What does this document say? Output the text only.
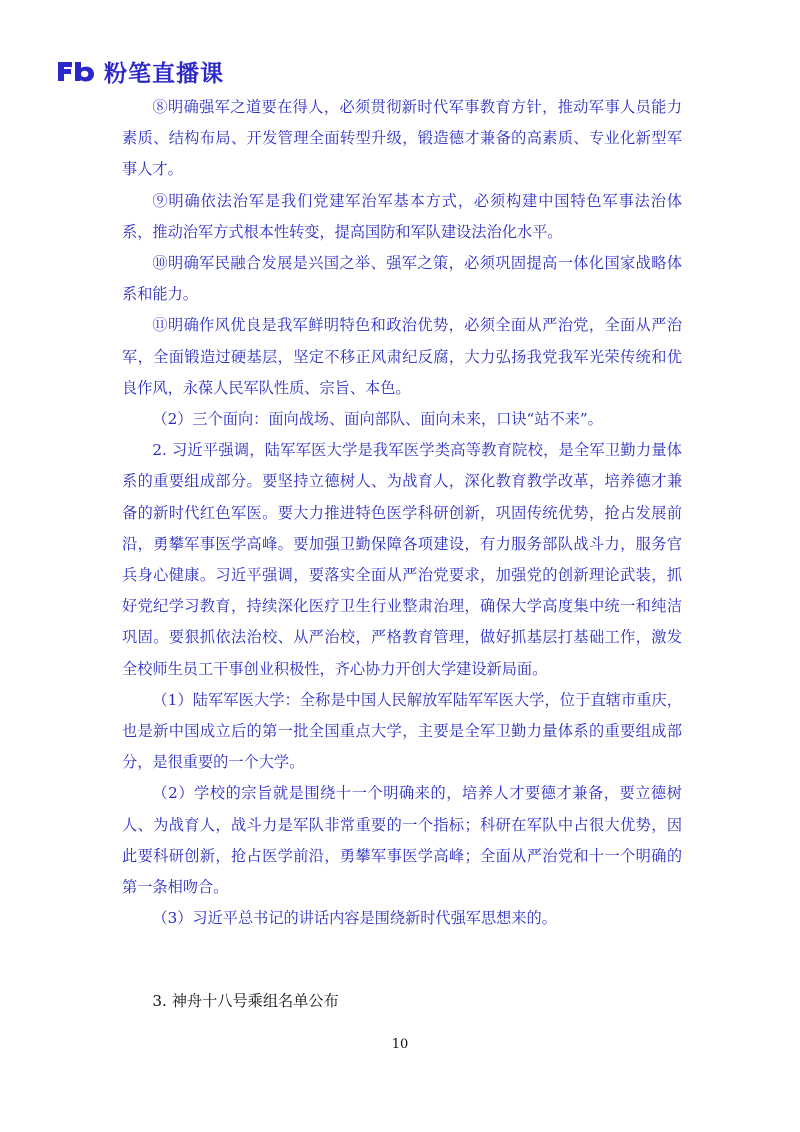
粉笔直播课

⑧明确强军之道要在得人，必须贯彻新时代军事教育方针，推动军事人员能力素质、结构布局、开发管理全面转型升级，锻造德才兼备的高素质、专业化新型军事人才。

⑨明确依法治军是我们党建军治军基本方式，必须构建中国特色军事法治体系，推动治军方式根本性转变，提高国防和军队建设法治化水平。

⑩明确军民融合发展是兴国之举、强军之策，必须巩固提高一体化国家战略体系和能力。

⑪明确作风优良是我军鲜明特色和政治优势，必须全面从严治党，全面从严治军，全面锻造过硬基层，坚定不移正风肃纪反腐，大力弘扬我党我军光荣传统和优良作风，永葆人民军队性质、宗旨、本色。

（2）三个面向：面向战场、面向部队、面向未来，口诀“站不来”。

2. 习近平强调，陆军军医大学是我军医学类高等教育院校，是全军卫勤力量体系的重要组成部分。要坚持立德树人、为战育人，深化教育教学改革，培养德才兼备的新时代红色军医。要大力推进特色医学科研创新，巩固传统优势，抢占发展前沿，勇攀军事医学高峰。要加强卫勤保障各项建设，有力服务部队战斗力，服务官兵身心健康。习近平强调，要落实全面从严治党要求，加强党的创新理论武装，抓好党纪学习教育，持续深化医疗卫生行业整肃治理，确保大学高度集中统一和纯洁巩固。要狠抓依法治校、从严治校，严格教育管理，做好抓基层打基础工作，激发全校师生员工干事创业积极性，齐心协力开创大学建设新局面。

（1）陆军军医大学：全称是中国人民解放军陆军军医大学，位于直辖市重庆，也是新中国成立后的第一批全国重点大学，主要是全军卫勤力量体系的重要组成部分，是很重要的一个大学。

（2）学校的宗旨就是围绕十一个明确来的，培养人才要德才兼备，要立德树人、为战育人，战斗力是军队非常重要的一个指标；科研在军队中占很大优势，因此要科研创新，抢占医学前沿，勇攀军事医学高峰；全面从严治党和十一个明确的第一条相吻合。

（3）习近平总书记的讲话内容是围绕新时代强军思想来的。

3. 神舟十八号乘组名单公布

10
